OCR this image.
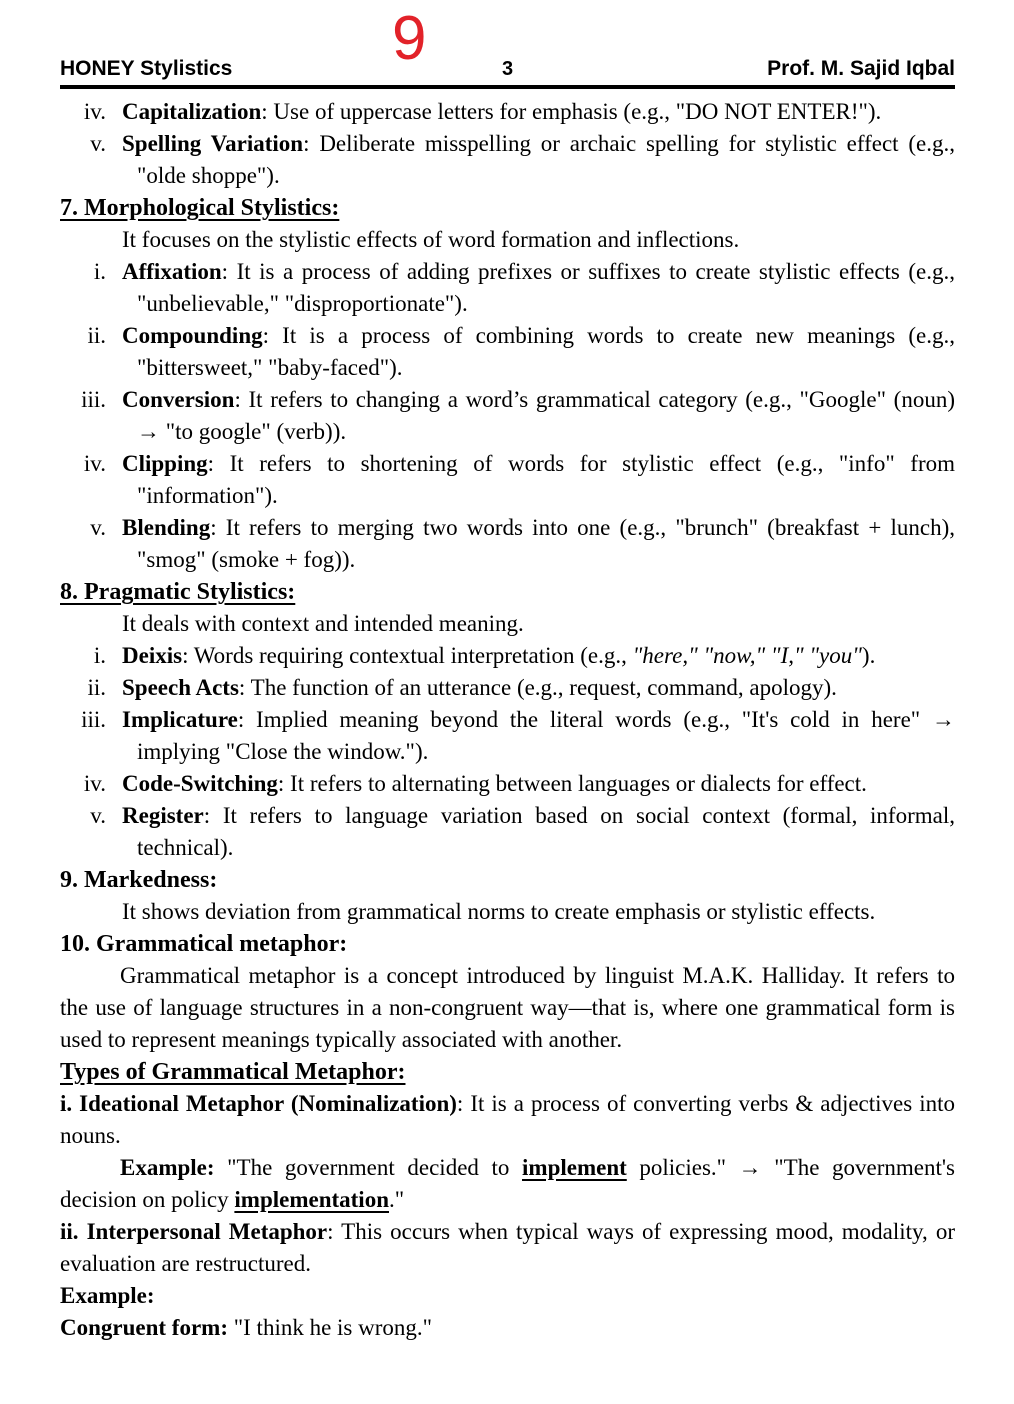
9
HONEY Stylistics	3	Prof. M. Sajid Iqbal
iv. Capitalization: Use of uppercase letters for emphasis (e.g., "DO NOT ENTER!").
v. Spelling Variation: Deliberate misspelling or archaic spelling for stylistic effect (e.g., "olde shoppe").
7. Morphological Stylistics:
It focuses on the stylistic effects of word formation and inflections.
i. Affixation: It is a process of adding prefixes or suffixes to create stylistic effects (e.g., "unbelievable," "disproportionate").
ii. Compounding: It is a process of combining words to create new meanings (e.g., "bittersweet," "baby-faced").
iii. Conversion: It refers to changing a word’s grammatical category (e.g., "Google" (noun) → "to google" (verb)).
iv. Clipping: It refers to shortening of words for stylistic effect (e.g., "info" from "information").
v. Blending: It refers to merging two words into one (e.g., "brunch" (breakfast + lunch), "smog" (smoke + fog)).
8. Pragmatic Stylistics:
It deals with context and intended meaning.
i. Deixis: Words requiring contextual interpretation (e.g., "here," "now," "I," "you").
ii. Speech Acts: The function of an utterance (e.g., request, command, apology).
iii. Implicature: Implied meaning beyond the literal words (e.g., "It's cold in here" → implying "Close the window.").
iv. Code-Switching: It refers to alternating between languages or dialects for effect.
v. Register: It refers to language variation based on social context (formal, informal, technical).
9. Markedness:
It shows deviation from grammatical norms to create emphasis or stylistic effects.
10. Grammatical metaphor:
Grammatical metaphor is a concept introduced by linguist M.A.K. Halliday. It refers to the use of language structures in a non-congruent way—that is, where one grammatical form is used to represent meanings typically associated with another.
Types of Grammatical Metaphor:
i. Ideational Metaphor (Nominalization): It is a process of converting verbs & adjectives into nouns.
Example: "The government decided to implement policies." → "The government's decision on policy implementation."
ii. Interpersonal Metaphor: This occurs when typical ways of expressing mood, modality, or evaluation are restructured.
Example:
Congruent form: "I think he is wrong."
